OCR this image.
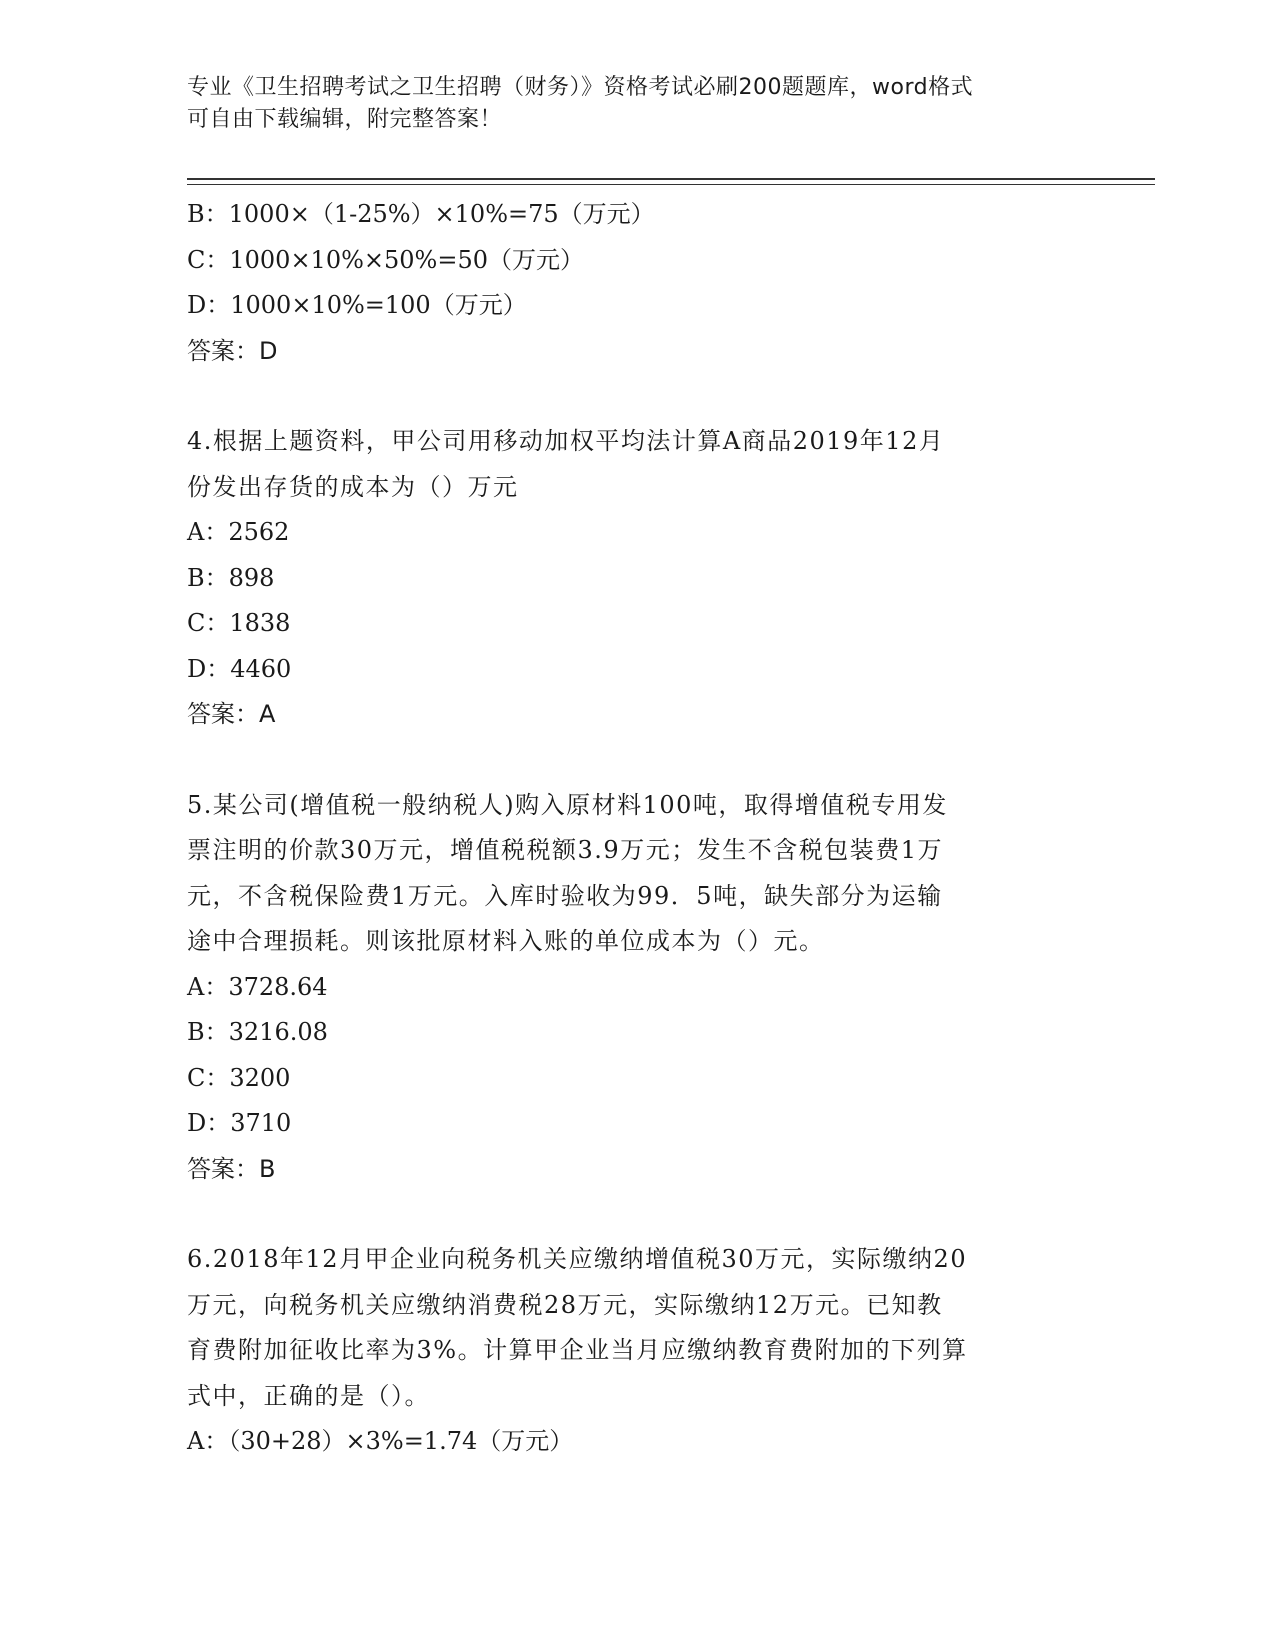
专业《卫生招聘考试之卫生招聘（财务）》资格考试必刷200题题库，word格式
可自由下载编辑，附完整答案！
B：1000×（1-25%）×10%=75（万元）
C：1000×10%×50%=50（万元）
D：1000×10%=100（万元）
答案：D
4.根据上题资料，甲公司用移动加权平均法计算A商品2019年12月
份发出存货的成本为（）万元
A：2562
B：898
C：1838
D：4460
答案：A
5.某公司(增值税一般纳税人)购入原材料100吨，取得增值税专用发
票注明的价款30万元，增值税税额3.9万元；发生不含税包装费1万
元，不含税保险费1万元。入库时验收为99．5吨，缺失部分为运输
途中合理损耗。则该批原材料入账的单位成本为（）元。
A：3728.64
B：3216.08
C：3200
D：3710
答案：B
6.2018年12月甲企业向税务机关应缴纳增值税30万元，实际缴纳20
万元，向税务机关应缴纳消费税28万元，实际缴纳12万元。已知教
育费附加征收比率为3%。计算甲企业当月应缴纳教育费附加的下列算
式中，正确的是（）。
A：（30+28）×3%=1.74（万元）
